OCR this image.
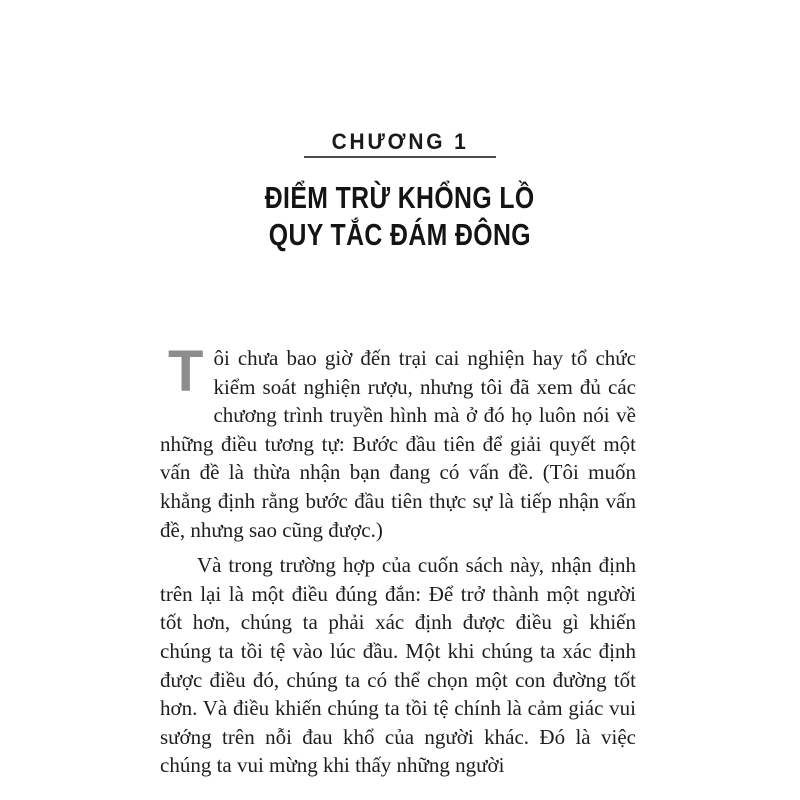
CHƯƠNG 1
ĐIỂM TRỪ KHỔNG LỒ
QUY TẮC ĐÁM ĐÔNG

Tôi chưa bao giờ đến trại cai nghiện hay tổ chức kiểm soát nghiện rượu, nhưng tôi đã xem đủ các chương trình truyền hình mà ở đó họ luôn nói về những điều tương tự: Bước đầu tiên để giải quyết một vấn đề là thừa nhận bạn đang có vấn đề. (Tôi muốn khẳng định rằng bước đầu tiên thực sự là tiếp nhận vấn đề, nhưng sao cũng được.)

Và trong trường hợp của cuốn sách này, nhận định trên lại là một điều đúng đắn: Để trở thành một người tốt hơn, chúng ta phải xác định được điều gì khiến chúng ta tồi tệ vào lúc đầu. Một khi chúng ta xác định được điều đó, chúng ta có thể chọn một con đường tốt hơn. Và điều khiến chúng ta tồi tệ chính là cảm giác vui sướng trên nỗi đau khổ của người khác. Đó là việc chúng ta vui mừng khi thấy những người
